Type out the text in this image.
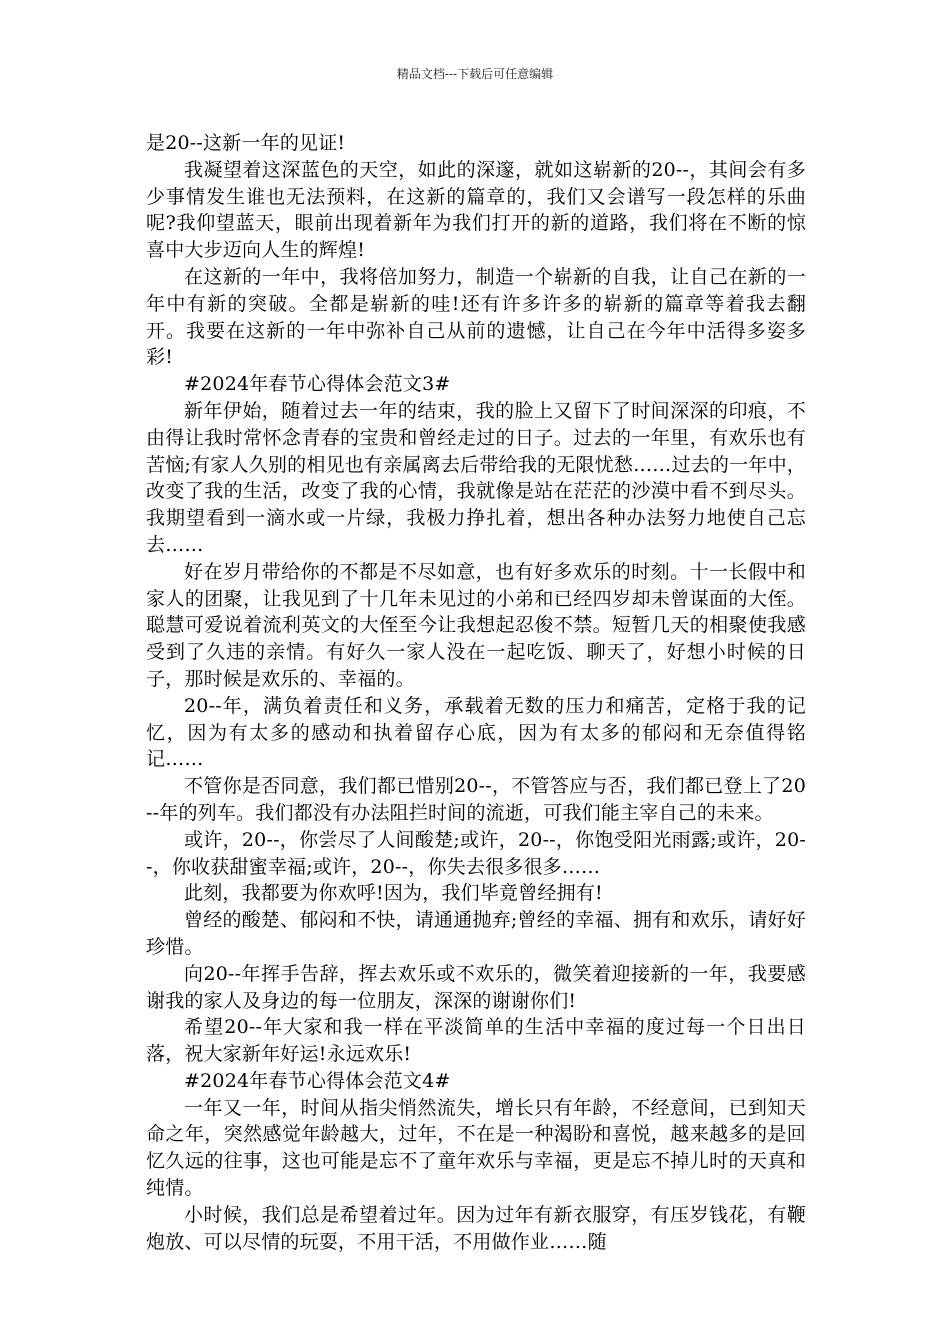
精品文档---下载后可任意编辑

是20--这新一年的见证!

我凝望着这深蓝色的天空，如此的深邃，就如这崭新的20--，其间会有多少事情发生谁也无法预料，在这新的篇章的，我们又会谱写一段怎样的乐曲呢?我仰望蓝天，眼前出现着新年为我们打开的新的道路，我们将在不断的惊喜中大步迈向人生的辉煌!

在这新的一年中，我将倍加努力，制造一个崭新的自我，让自己在新的一年中有新的突破。全都是崭新的哇!还有许多许多的崭新的篇章等着我去翻开。我要在这新的一年中弥补自己从前的遗憾，让自己在今年中活得多姿多彩!

#2024年春节心得体会范文3#

新年伊始，随着过去一年的结束，我的脸上又留下了时间深深的印痕，不由得让我时常怀念青春的宝贵和曾经走过的日子。过去的一年里，有欢乐也有苦恼;有家人久别的相见也有亲属离去后带给我的无限忧愁……过去的一年中，改变了我的生活，改变了我的心情，我就像是站在茫茫的沙漠中看不到尽头。我期望看到一滴水或一片绿，我极力挣扎着，想出各种办法努力地使自己忘去……

好在岁月带给你的不都是不尽如意，也有好多欢乐的时刻。十一长假中和家人的团聚，让我见到了十几年未见过的小弟和已经四岁却未曾谋面的大侄。聪慧可爱说着流利英文的大侄至今让我想起忍俊不禁。短暂几天的相聚使我感受到了久违的亲情。有好久一家人没在一起吃饭、聊天了，好想小时候的日子，那时候是欢乐的、幸福的。

20--年，满负着责任和义务，承载着无数的压力和痛苦，定格于我的记忆，因为有太多的感动和执着留存心底，因为有太多的郁闷和无奈值得铭记……

不管你是否同意，我们都已惜别20--，不管答应与否，我们都已登上了20--年的列车。我们都没有办法阻拦时间的流逝，可我们能主宰自己的未来。

或许，20--，你尝尽了人间酸楚;或许，20--，你饱受阳光雨露;或许，20--，你收获甜蜜幸福;或许，20--，你失去很多很多……

此刻，我都要为你欢呼!因为，我们毕竟曾经拥有!

曾经的酸楚、郁闷和不快，请通通抛弃;曾经的幸福、拥有和欢乐，请好好珍惜。

向20--年挥手告辞，挥去欢乐或不欢乐的，微笑着迎接新的一年，我要感谢我的家人及身边的每一位朋友，深深的谢谢你们!

希望20--年大家和我一样在平淡简单的生活中幸福的度过每一个日出日落，祝大家新年好运!永远欢乐!

#2024年春节心得体会范文4#

一年又一年，时间从指尖悄然流失，增长只有年龄，不经意间，已到知天命之年，突然感觉年龄越大，过年，不在是一种渴盼和喜悦，越来越多的是回忆久远的往事，这也可能是忘不了童年欢乐与幸福，更是忘不掉儿时的天真和纯情。

小时候，我们总是希望着过年。因为过年有新衣服穿，有压岁钱花，有鞭炮放、可以尽情的玩耍，不用干活，不用做作业……随
